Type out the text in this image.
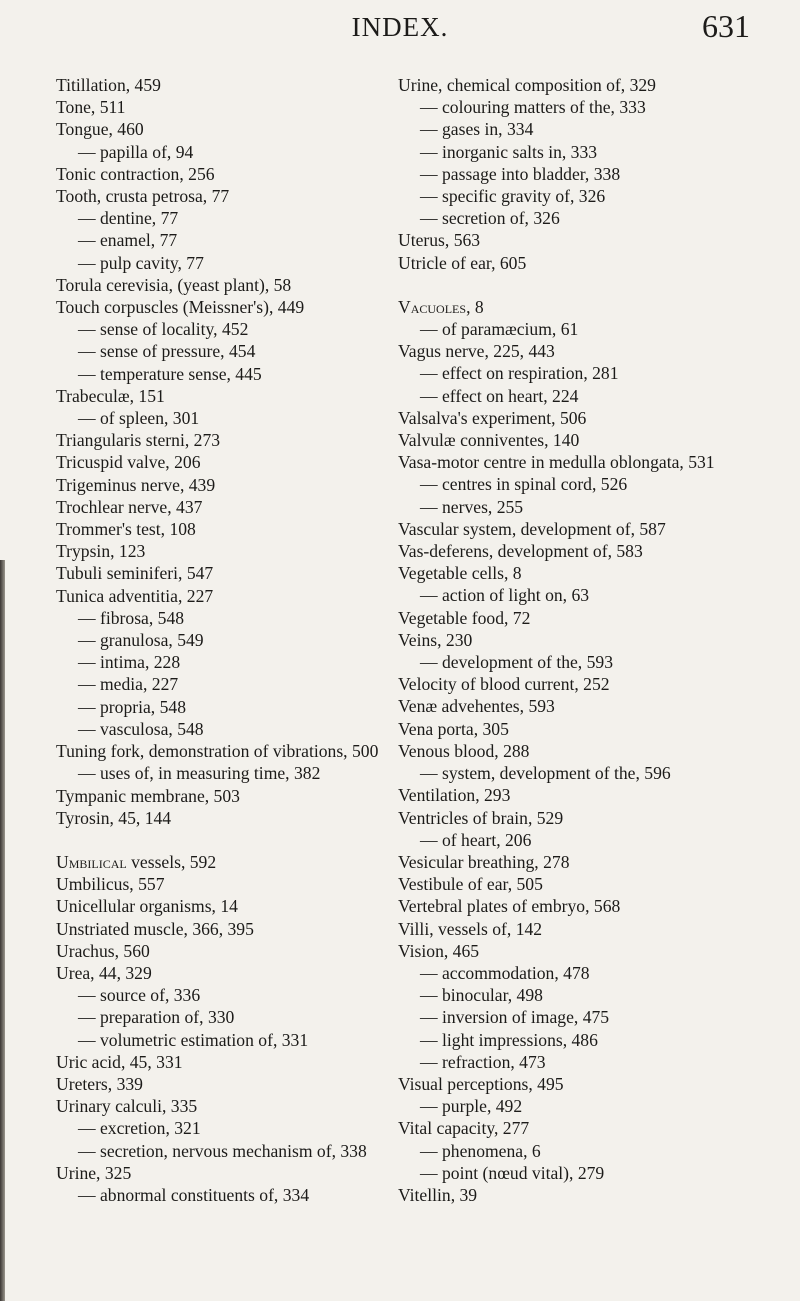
INDEX.	631
Titillation, 459
Tone, 511
Tongue, 460
— papilla of, 94
Tonic contraction, 256
Tooth, crusta petrosa, 77
— dentine, 77
— enamel, 77
— pulp cavity, 77
Torula cerevisia, (yeast plant), 58
Touch corpuscles (Meissner's), 449
— sense of locality, 452
— sense of pressure, 454
— temperature sense, 445
Trabeculæ, 151
— of spleen, 301
Triangularis sterni, 273
Tricuspid valve, 206
Trigeminus nerve, 439
Trochlear nerve, 437
Trommer's test, 108
Trypsin, 123
Tubuli seminiferi, 547
Tunica adventitia, 227
— fibrosa, 548
— granulosa, 549
— intima, 228
— media, 227
— propria, 548
— vasculosa, 548
Tuning fork, demonstration of vibrations, 500
— uses of, in measuring time, 382
Tympanic membrane, 503
Tyrosin, 45, 144
Umbilical vessels, 592
Umbilicus, 557
Unicellular organisms, 14
Unstriated muscle, 366, 395
Urachus, 560
Urea, 44, 329
— source of, 336
— preparation of, 330
— volumetric estimation of, 331
Uric acid, 45, 331
Ureters, 339
Urinary calculi, 335
— excretion, 321
— secretion, nervous mechanism of, 338
Urine, 325
— abnormal constituents of, 334
Urine, chemical composition of, 329
— colouring matters of the, 333
— gases in, 334
— inorganic salts in, 333
— passage into bladder, 338
— specific gravity of, 326
— secretion of, 326
Uterus, 563
Utricle of ear, 605
Vacuoles, 8
— of paramæcium, 61
Vagus nerve, 225, 443
— effect on respiration, 281
— effect on heart, 224
Valsalva's experiment, 506
Valvulæ conniventes, 140
Vasa-motor centre in medulla oblongata, 531
— centres in spinal cord, 526
— nerves, 255
Vascular system, development of, 587
Vas-deferens, development of, 583
Vegetable cells, 8
— action of light on, 63
Vegetable food, 72
Veins, 230
— development of the, 593
Velocity of blood current, 252
Venæ advehentes, 593
Vena porta, 305
Venous blood, 288
— system, development of the, 596
Ventilation, 293
Ventricles of brain, 529
— of heart, 206
Vesicular breathing, 278
Vestibule of ear, 505
Vertebral plates of embryo, 568
Villi, vessels of, 142
Vision, 465
— accommodation, 478
— binocular, 498
— inversion of image, 475
— light impressions, 486
— refraction, 473
Visual perceptions, 495
— purple, 492
Vital capacity, 277
— phenomena, 6
— point (nœud vital), 279
Vitellin, 39
